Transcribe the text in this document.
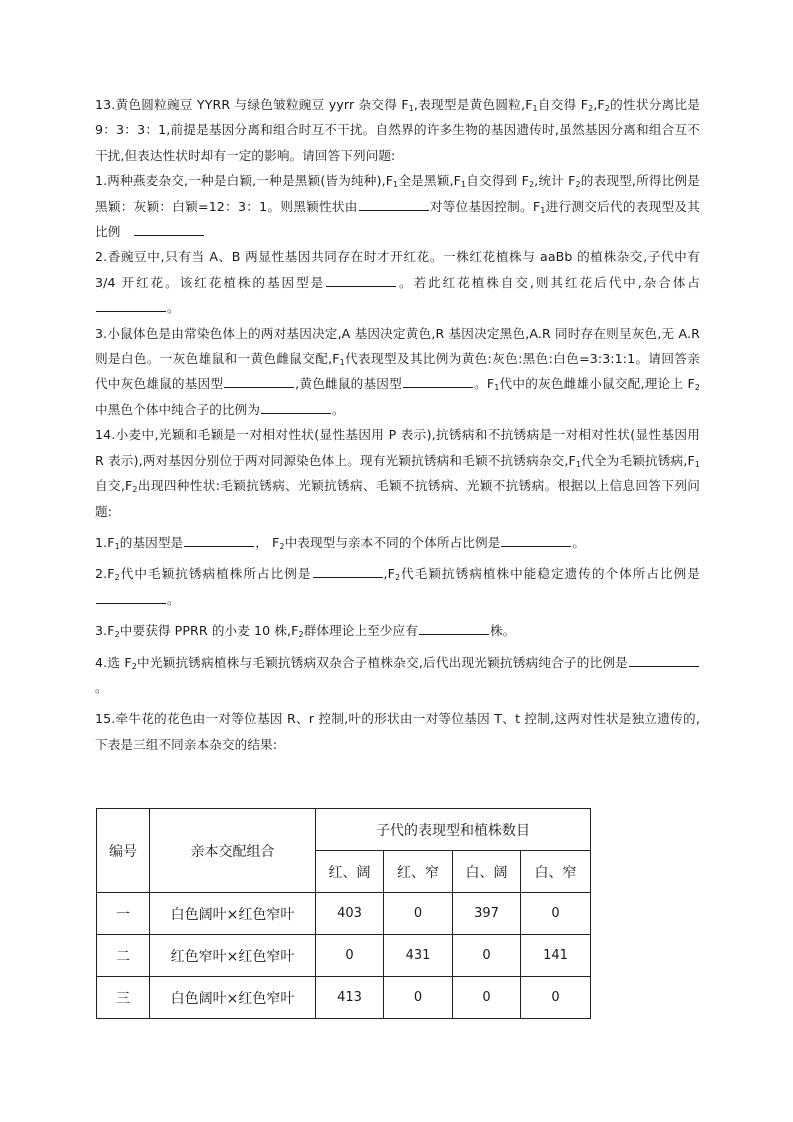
13.黄色圆粒豌豆 YYRR 与绿色皱粒豌豆 yyrr 杂交得 $F_1$,表现型是黄色圆粒$,F_1$自交得 $F_2,F_2$的性状分离比是 9：3：3：1,前提是基因分离和组合时互不干扰。自然界的许多生物的基因遗传时,虽然基因分离和组合互不干扰,但表达性状时却有一定的影响。请回答下列问题:

1.两种燕麦杂交,一种是白颖,一种是黑颖(皆为纯种)$,F_1$全是黑颖$,F_1$自交得到 $F_2$,统计 $F_2$的表现型,所得比例是黑颖：灰颖：白颖=12：3：1。则黑颖性状由	对等位基因控制。$F_1$进行测交后代的表现型及其比例

2.香豌豆中,只有当 A、B 两显性基因共同存在时才开红花。一株红花植株与 aaBb 的植株杂交,子代中有 3/4 开红花。该红花植株的基因型是	。若此红花植株自交,则其红花后代中,杂合体占。

3.小鼠体色是由常染色体上的两对基因决定,A 基因决定黄色,R 基因决定黑色,A.R 同时存在则呈灰色,无 A.R 则是白色。一灰色雄鼠和一黄色雌鼠交配$,F_1$代表现型及其比例为黄色:灰色:黑色:白色=3:3:1:1。请回答亲代中灰色雄鼠的基因型	,黄色雌鼠的基因型	。$F_1$代中的灰色雌雄小鼠交配,理论上 $F_2$中黑色个体中纯合子的比例为	。

14.小麦中,光颖和毛颖是一对相对性状(显性基因用 P 表示),抗锈病和不抗锈病是一对相对性状(显性基因用 R 表示),两对基因分别位于两对同源染色体上。现有光颖抗锈病和毛颖不抗锈病杂交$,F_1$代全为毛颖抗锈病$,F_1$自交$,F_2$出现四种性状:毛颖抗锈病、光颖抗锈病、毛颖不抗锈病、光颖不抗锈病。根据以上信息回答下列问题:

$1.F_1$的基因型是	， $F_2$中表现型与亲本不同的个体所占比例是	。

$2.F_2$代中毛颖抗锈病植株所占比例是	$,F_2$代毛颖抗锈病植株中能稳定遗传的个体所占比例是。

$3.F_2$中要获得 PPRR 的小麦 10 株$,F_2$群体理论上至少应有	株。

4.选 $F_2$中光颖抗锈病植株与毛颖抗锈病双杂合子植株杂交,后代出现光颖抗锈病纯合子的比例是。

15.牵牛花的花色由一对等位基因 R、r 控制,叶的形状由一对等位基因 T、t 控制,这两对性状是独立遗传的,下表是三组不同亲本杂交的结果:

编号	亲本交配组合	子代的表现型和植株数目			
		红、阔	红、窄	白、阔	白、窄
一	白色阔叶×红色窄叶	403	0	397	0
二	红色窄叶×红色窄叶	0	431	0	141
三	白色阔叶×红色窄叶	413	0	0	0
